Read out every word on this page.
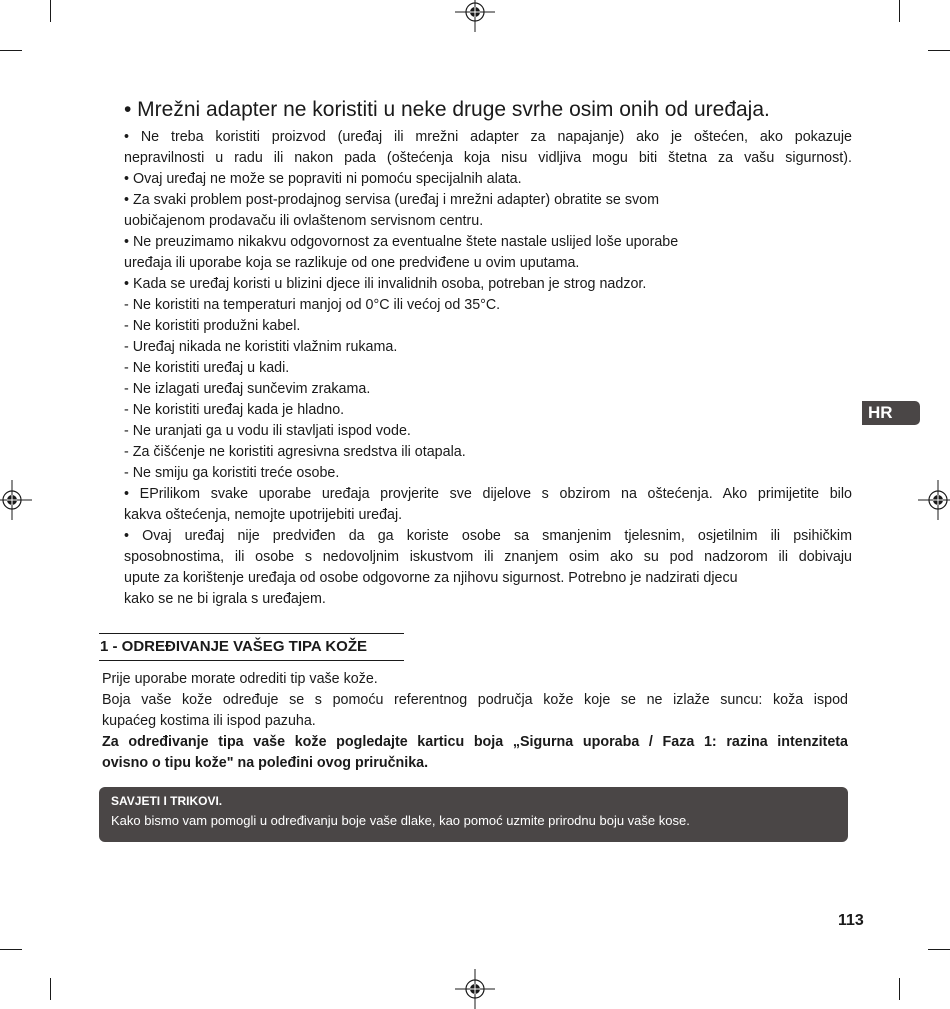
• Mrežni adapter ne koristiti u neke druge svrhe osim onih od uređaja.
• Ne treba koristiti proizvod (uređaj ili mrežni adapter za napajanje) ako je oštećen, ako pokazuje
nepravilnosti u radu ili nakon pada (oštećenja koja nisu vidljiva mogu biti štetna za vašu sigurnost).
• Ovaj uređaj ne može se popraviti ni pomoću specijalnih alata.
• Za svaki problem post-prodajnog servisa (uređaj i mrežni adapter) obratite se svom
uobičajenom prodavaču ili ovlaštenom servisnom centru.
• Ne preuzimamo nikakvu odgovornost za eventualne štete nastale uslijed loše uporabe
uređaja ili uporabe koja se razlikuje od one predviđene u ovim uputama.
• Kada se uređaj koristi u blizini djece ili invalidnih osoba, potreban je strog nadzor.
- Ne koristiti na temperaturi manjoj od 0°C ili većoj od 35°C.
- Ne koristiti produžni kabel.
- Uređaj nikada ne koristiti vlažnim rukama.
- Ne koristiti uređaj u kadi.
- Ne izlagati uređaj sunčevim zrakama.
- Ne koristiti uređaj kada je hladno.
- Ne uranjati ga u vodu ili stavljati ispod vode.
- Za čišćenje ne koristiti agresivna sredstva ili otapala.
- Ne smiju ga koristiti treće osobe.
• EPrilikom svake uporabe uređaja provjerite sve dijelove s obzirom na oštećenja. Ako primijetite bilo
kakva oštećenja, nemojte upotrijebiti uređaj.
• Ovaj uređaj nije predviđen da ga koriste osobe sa smanjenim tjelesnim, osjetilnim ili psihičkim
sposobnostima, ili osobe s nedovoljnim iskustvom ili znanjem osim ako su pod nadzorom ili dobivaju
upute za korištenje uređaja od osobe odgovorne za njihovu sigurnost. Potrebno je nadzirati djecu
kako se ne bi igrala s uređajem.
1 - ODREĐIVANJE VAŠEG TIPA KOŽE
Prije uporabe morate odrediti tip vaše kože.
Boja vaše kože određuje se s pomoću referentnog područja kože koje se ne izlaže suncu: koža ispod
kupaćeg kostima ili ispod pazuha.
Za određivanje tipa vaše kože pogledajte karticu boja „Sigurna uporaba / Faza 1: razina intenziteta
ovisno o tipu kože" na poleđini ovog priručnika.
SAVJETI I TRIKOVI.
Kako bismo vam pomogli u određivanju boje vaše dlake, kao pomoć uzmite prirodnu boju vaše kose.
HR
113
